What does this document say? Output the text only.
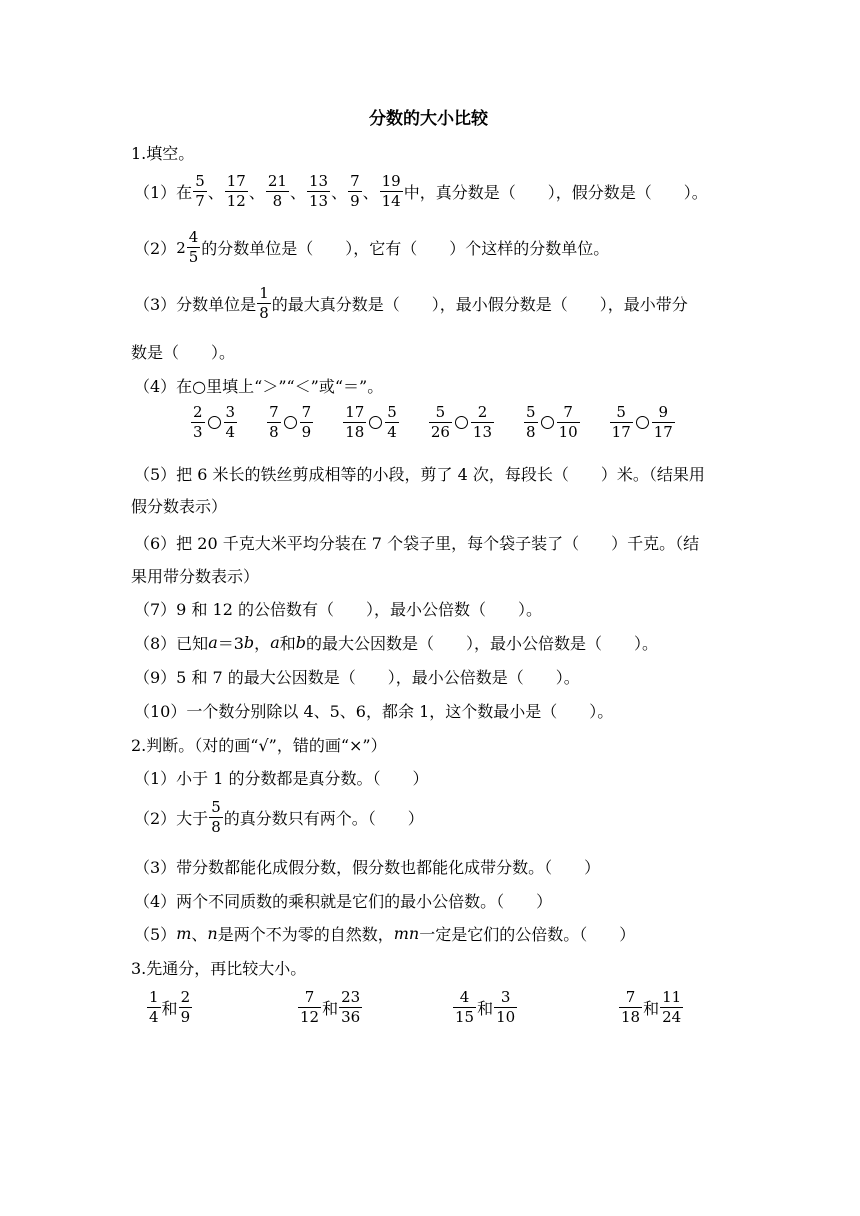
分数的大小比较
1.填空。
（1）在 $\frac{5}{7}$ 、 $\frac{17}{12}$ 、 $\frac{21}{8}$ 、 $\frac{13}{13}$ 、 $\frac{7}{9}$ 、 $\frac{19}{14}$ 中，真分数是（　　），假分数是（　　）。
（2） $2 \frac{4}{5}$ 的分数单位是（　　），它有（　　）个这样的分数单位。
（3）分数单位是 $\frac{1}{8}$ 的最大真分数是（　　），最小假分数是（　　），最小带分
数是（　　）。
（4）在○里填上“＞”“＜”或“＝”。
$\frac{2}{3} \frac{3}{4} \frac{7}{8} \frac{7}{9} \frac{17}{18} \frac{5}{4} \frac{5}{26} \frac{2}{13} \frac{5}{8} \frac{7}{10} \frac{5}{17} \frac{9}{17}$
（5）把 6 米长的铁丝剪成相等的小段，剪了 4 次，每段长（　　）米。（结果用
假分数表示）
（6）把 20 千克大米平均分装在 7 个袋子里，每个袋子装了（　　）千克。（结
果用带分数表示）
（7）9 和 12 的公倍数有（　　），最小公倍数（　　）。
（8）已知 a ＝3 b ， a 和 b 的最大公因数是（　　），最小公倍数是（　　）。
（9）5 和 7 的最大公因数是（　　），最小公倍数是（　　）。
（10）一个数分别除以 4、5、6，都余 1，这个数最小是（　　）。
2.判断。（对的画“√”，错的画“×”）
（1）小于 1 的分数都是真分数。（　　）
（2）大于 $\frac{5}{8}$ 的真分数只有两个。（　　）
（3）带分数都能化成假分数，假分数也都能化成带分数。（　　）
（4）两个不同质数的乘积就是它们的最小公倍数。（　　）
（5） m 、 n 是两个不为零的自然数， mn 一定是它们的公倍数。（　　）
3.先通分，再比较大小。
$\frac{1}{4}$ 和 $\frac{2}{9}$	$\frac{7}{12}$ 和 $\frac{23}{36}$	$\frac{4}{15}$ 和 $\frac{3}{10}$	$\frac{7}{18}$ 和 $\frac{11}{24}$
